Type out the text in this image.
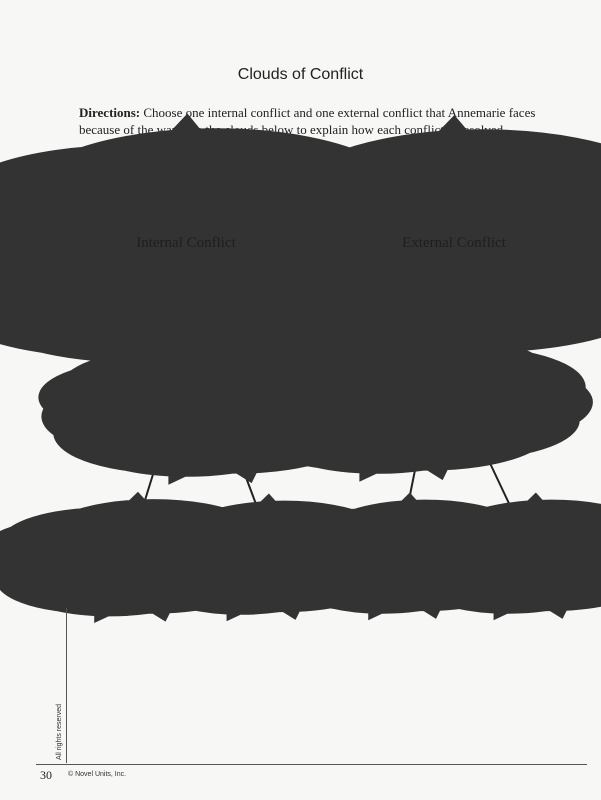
Clouds of Conflict
Directions: Choose one internal conflict and one external conflict that Annemarie faces because of the war. Use the clouds below to explain how each conflict is resolved.
Internal Conflict	External Conflict
All rights reserved
30 © Novel Units, Inc.
